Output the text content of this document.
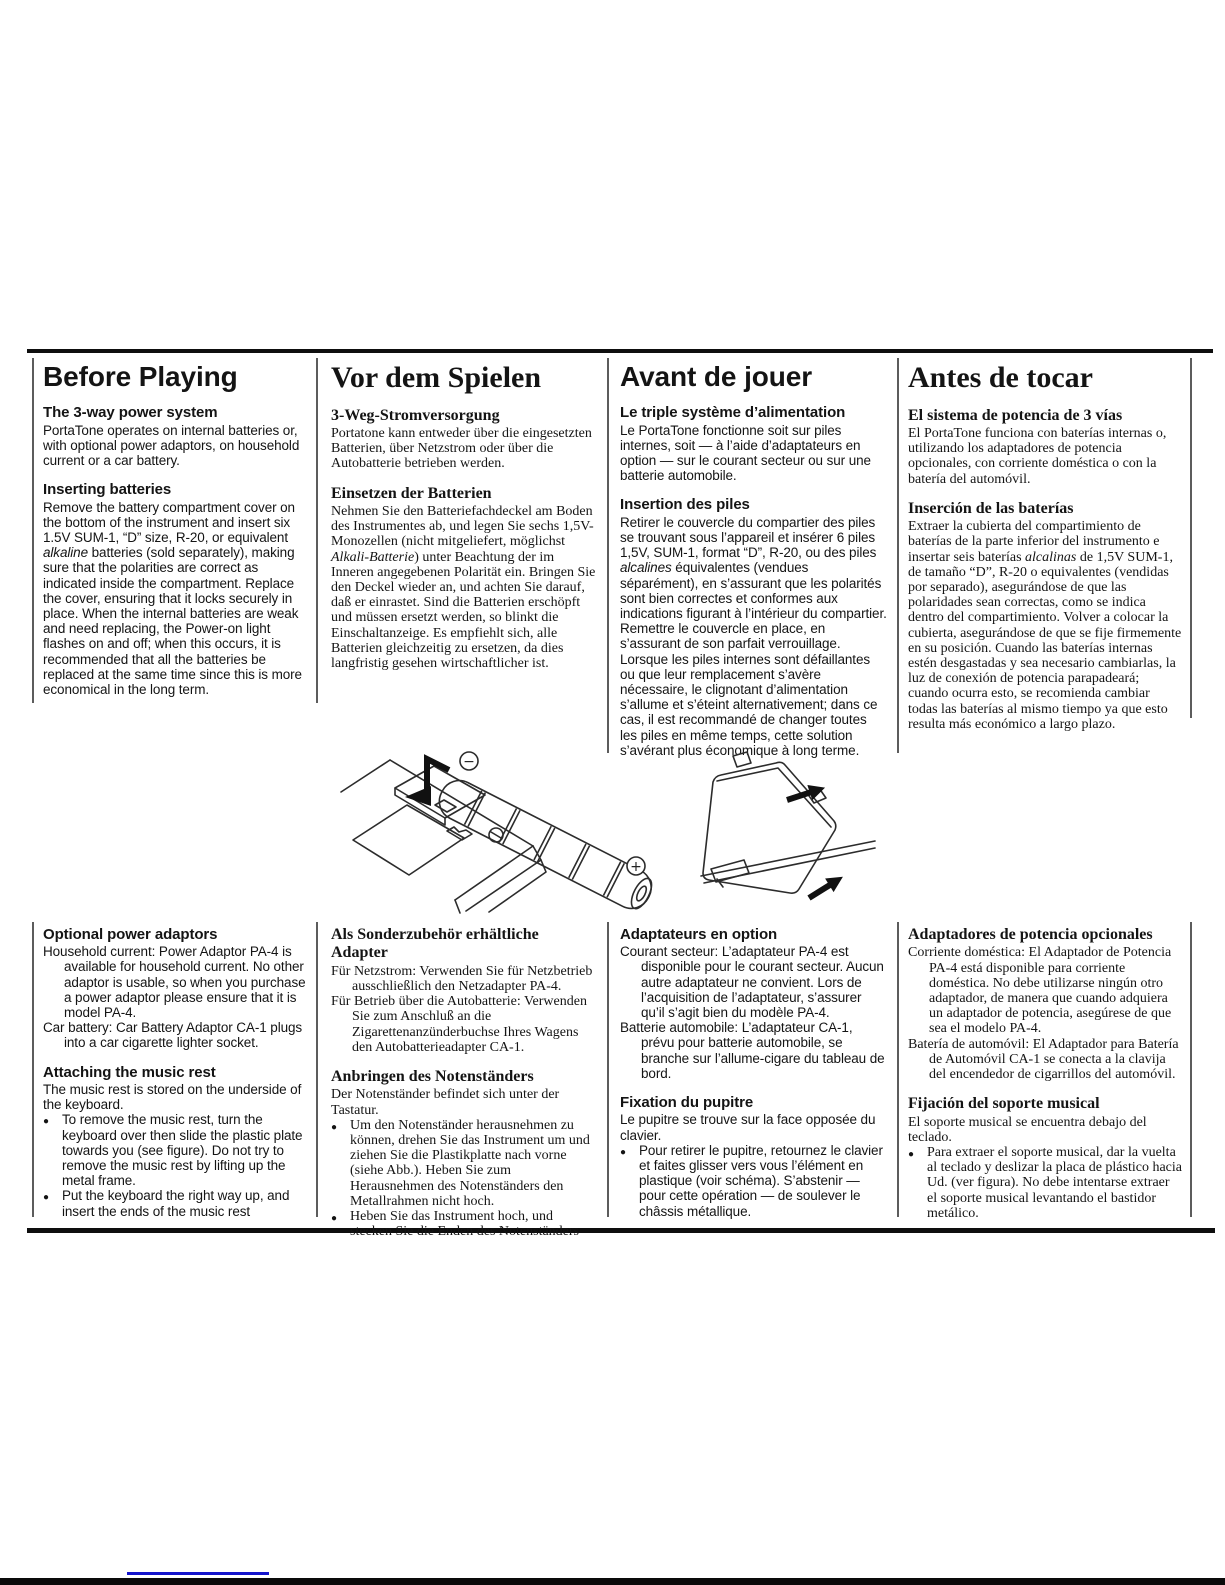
Before Playing
The 3-way power system

PortaTone operates on internal batteries or, with optional power adaptors, on household current or a car battery.

Inserting batteries

Remove the battery compartment cover on the bottom of the instrument and insert six 1.5V SUM-1, “D” size, R-20, or equivalent alkaline batteries (sold separately), making sure that the polarities are correct as indicated inside the compartment. Replace the cover, ensuring that it locks securely in place. When the internal batteries are weak and need replacing, the Power-on light flashes on and off; when this occurs, it is recommended that all the batteries be replaced at the same time since this is more economical in the long term.

Vor dem Spielen
3-Weg-Stromversorgung

Portatone kann entweder über die eingesetzten Batterien, über Netzstrom oder über die Autobatterie betrieben werden.

Einsetzen der Batterien

Nehmen Sie den Batteriefachdeckel am Boden des Instrumentes ab, und legen Sie sechs 1,5V-Monozellen (nicht mitgeliefert, möglichst Alkali-Batterie) unter Beachtung der im Inneren angegebenen Polarität ein. Bringen Sie den Deckel wieder an, und achten Sie darauf, daß er einrastet. Sind die Batterien erschöpft und müssen ersetzt werden, so blinkt die Einschaltanzeige. Es empfiehlt sich, alle Batterien gleichzeitig zu ersetzen, da dies langfristig gesehen wirtschaftlicher ist.

Avant de jouer
Le triple système d’alimentation

Le PortaTone fonctionne soit sur piles internes, soit — à l’aide d’adaptateurs en option — sur le courant secteur ou sur une batterie automobile.

Insertion des piles

Retirer le couvercle du compartier des piles se trouvant sous l’appareil et insérer 6 piles 1,5V, SUM-1, format “D”, R-20, ou des piles alcalines équivalentes (vendues séparément), en s’assurant que les polarités sont bien correctes et conformes aux indications figurant à l’intérieur du compartier. Remettre le couvercle en place, en s’assurant de son parfait verrouillage. Lorsque les piles internes sont défaillantes ou que leur remplacement s’avère nécessaire, le clignotant d’alimentation s’allume et s’éteint alternativement; dans ce cas, il est recommandé de changer toutes les piles en même temps, cette solution s’avérant plus économique à long terme.

Antes de tocar
El sistema de potencia de 3 vías

El PortaTone funciona con baterías internas o, utilizando los adaptadores de potencia opcionales, con corriente doméstica o con la batería del automóvil.

Inserción de las baterías

Extraer la cubierta del compartimiento de baterías de la parte inferior del instrumento e insertar seis baterías alcalinas de 1,5V SUM-1, de tamaño “D”, R-20 o equivalentes (vendidas por separado), asegurándose de que las polaridades sean correctas, como se indica dentro del compartimiento. Volver a colocar la cubierta, asegurándose de que se fije firmemente en su posición. Cuando las baterías internas estén desgastadas y sea necesario cambiarlas, la luz de conexión de potencia parapadeará; cuando ocurra esto, se recomienda cambiar todas las baterías al mismo tiempo ya que esto resulta más económico a largo plazo.

−
+
Optional power adaptors

Household current: Power Adaptor PA-4 is available for household current. No other adaptor is usable, so when you purchase a power adaptor please ensure that it is model PA-4.

Car battery: Car Battery Adaptor CA-1 plugs into a car cigarette lighter socket.

Attaching the music rest

The music rest is stored on the underside of the keyboard.

● To remove the music rest, turn the keyboard over then slide the plastic plate towards you (see figure). Do not try to remove the music rest by lifting up the metal frame.
● Put the keyboard the right way up, and insert the ends of the music rest
Als Sonderzubehör erhältliche Adapter

Für Netzstrom: Verwenden Sie für Netzbetrieb ausschließlich den Netzadapter PA-4.

Für Betrieb über die Autobatterie: Verwenden Sie zum Anschluß an die Zigarettenanzünderbuchse Ihres Wagens den Autobatterieadapter CA-1.

Anbringen des Notenständers

Der Notenständer befindet sich unter der Tastatur.

● Um den Notenständer herausnehmen zu können, drehen Sie das Instrument um und ziehen Sie die Plastikplatte nach vorne (siehe Abb.). Heben Sie zum Herausnehmen des Notenständers den Metallrahmen nicht hoch.
● Heben Sie das Instrument hoch, und stecken Sie die Enden des Notenständers
Adaptateurs en option

Courant secteur: L’adaptateur PA-4 est disponible pour le courant secteur. Aucun autre adaptateur ne convient. Lors de l’acquisition de l’adaptateur, s’assurer qu’il s’agit bien du modèle PA-4.

Batterie automobile: L’adaptateur CA-1, prévu pour batterie automobile, se branche sur l’allume-cigare du tableau de bord.

Fixation du pupitre

Le pupitre se trouve sur la face opposée du clavier.

● Pour retirer le pupitre, retournez le clavier et faites glisser vers vous l’élément en plastique (voir schéma). S’abstenir — pour cette opération — de soulever le châssis métallique.
Adaptadores de potencia opcionales

Corriente doméstica: El Adaptador de Potencia PA-4 está disponible para corriente doméstica. No debe utilizarse ningún otro adaptador, de manera que cuando adquiera un adaptador de potencia, asegúrese de que sea el modelo PA-4.

Batería de automóvil: El Adaptador para Batería de Automóvil CA-1 se conecta a la clavija del encendedor de cigarrillos del automóvil.

Fijación del soporte musical

El soporte musical se encuentra debajo del teclado.

● Para extraer el soporte musical, dar la vuelta al teclado y deslizar la placa de plástico hacia Ud. (ver figura). No debe intentarse extraer el soporte musical levantando el bastidor metálico.
